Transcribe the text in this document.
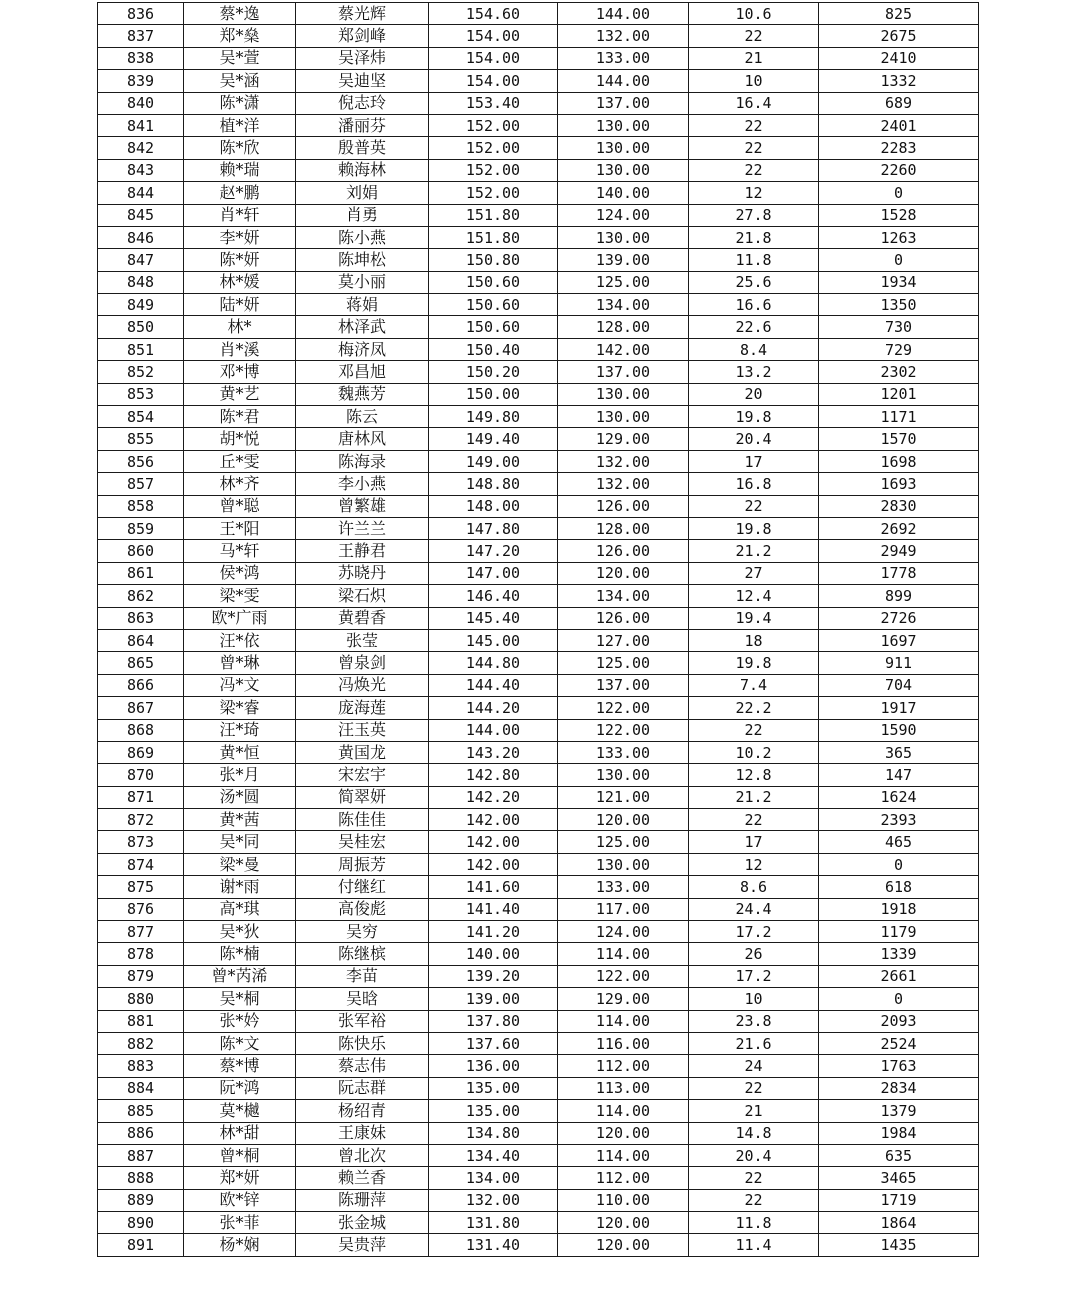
836	蔡*逸	蔡光辉	154.60	144.00	10.6	825
837	郑*燊	郑剑峰	154.00	132.00	22	2675
838	吴*萱	吴泽炜	154.00	133.00	21	2410
839	吴*涵	吴迪坚	154.00	144.00	10	1332
840	陈*潇	倪志玲	153.40	137.00	16.4	689
841	植*洋	潘丽芬	152.00	130.00	22	2401
842	陈*欣	殷普英	152.00	130.00	22	2283
843	赖*瑞	赖海林	152.00	130.00	22	2260
844	赵*鹏	刘娟	152.00	140.00	12	0
845	肖*轩	肖勇	151.80	124.00	27.8	1528
846	李*妍	陈小燕	151.80	130.00	21.8	1263
847	陈*妍	陈坤松	150.80	139.00	11.8	0
848	林*媛	莫小丽	150.60	125.00	25.6	1934
849	陆*妍	蒋娟	150.60	134.00	16.6	1350
850	林*	林泽武	150.60	128.00	22.6	730
851	肖*溪	梅济凤	150.40	142.00	8.4	729
852	邓*博	邓昌旭	150.20	137.00	13.2	2302
853	黄*艺	魏燕芳	150.00	130.00	20	1201
854	陈*君	陈云	149.80	130.00	19.8	1171
855	胡*悦	唐林风	149.40	129.00	20.4	1570
856	丘*雯	陈海录	149.00	132.00	17	1698
857	林*齐	李小燕	148.80	132.00	16.8	1693
858	曾*聪	曾繁雄	148.00	126.00	22	2830
859	王*阳	许兰兰	147.80	128.00	19.8	2692
860	马*轩	王静君	147.20	126.00	21.2	2949
861	侯*鸿	苏晓丹	147.00	120.00	27	1778
862	梁*雯	梁石炽	146.40	134.00	12.4	899
863	欧*广雨	黄碧香	145.40	126.00	19.4	2726
864	汪*依	张莹	145.00	127.00	18	1697
865	曾*琳	曾泉剑	144.80	125.00	19.8	911
866	冯*文	冯焕光	144.40	137.00	7.4	704
867	梁*睿	庞海莲	144.20	122.00	22.2	1917
868	汪*琦	汪玉英	144.00	122.00	22	1590
869	黄*恒	黄国龙	143.20	133.00	10.2	365
870	张*月	宋宏宇	142.80	130.00	12.8	147
871	汤*圆	简翠妍	142.20	121.00	21.2	1624
872	黄*茜	陈佳佳	142.00	120.00	22	2393
873	吴*同	吴桂宏	142.00	125.00	17	465
874	梁*曼	周振芳	142.00	130.00	12	0
875	谢*雨	付继红	141.60	133.00	8.6	618
876	高*琪	高俊彪	141.40	117.00	24.4	1918
877	吴*狄	吴穷	141.20	124.00	17.2	1179
878	陈*楠	陈继槟	140.00	114.00	26	1339
879	曾*芮浠	李苗	139.20	122.00	17.2	2661
880	吴*桐	吴晗	139.00	129.00	10	0
881	张*妗	张军裕	137.80	114.00	23.8	2093
882	陈*文	陈快乐	137.60	116.00	21.6	2524
883	蔡*博	蔡志伟	136.00	112.00	24	1763
884	阮*鸿	阮志群	135.00	113.00	22	2834
885	莫*樾	杨绍青	135.00	114.00	21	1379
886	林*甜	王康妹	134.80	120.00	14.8	1984
887	曾*桐	曾北次	134.40	114.00	20.4	635
888	郑*妍	赖兰香	134.00	112.00	22	3465
889	欧*锌	陈珊萍	132.00	110.00	22	1719
890	张*菲	张金城	131.80	120.00	11.8	1864
891	杨*娴	吴贵萍	131.40	120.00	11.4	1435
